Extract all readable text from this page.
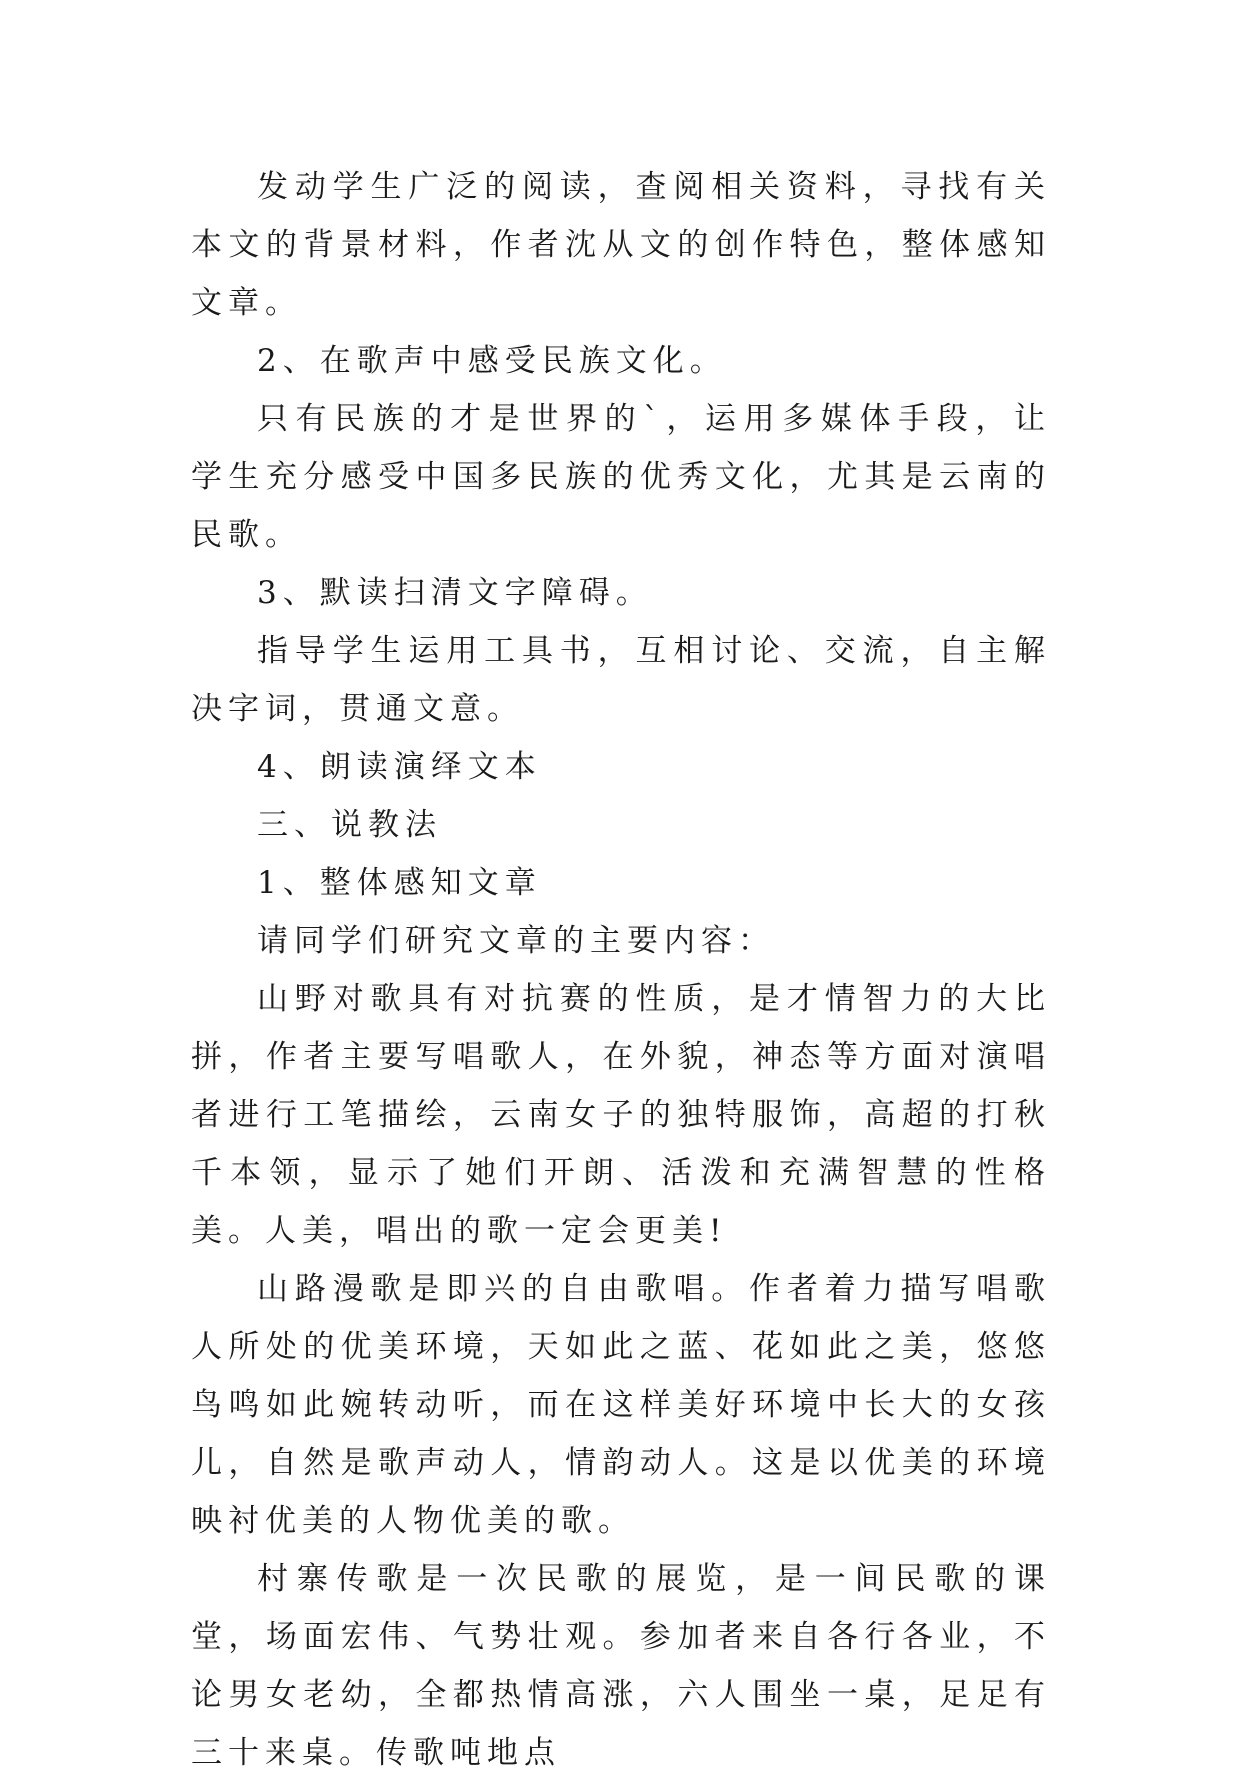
发动学生广泛的阅读，查阅相关资料，寻找有关本文的背景材料，作者沈从文的创作特色，整体感知文章。

2、在歌声中感受民族文化。

只有民族的才是世界的`，运用多媒体手段，让学生充分感受中国多民族的优秀文化，尤其是云南的民歌。

3、默读扫清文字障碍。

指导学生运用工具书，互相讨论、交流，自主解决字词，贯通文意。

4、朗读演绎文本

三、说教法

1、整体感知文章

请同学们研究文章的主要内容：

山野对歌具有对抗赛的性质，是才情智力的大比拼，作者主要写唱歌人，在外貌，神态等方面对演唱者进行工笔描绘，云南女子的独特服饰，高超的打秋千本领，显示了她们开朗、活泼和充满智慧的性格美。人美，唱出的歌一定会更美!

山路漫歌是即兴的自由歌唱。作者着力描写唱歌人所处的优美环境，天如此之蓝、花如此之美，悠悠鸟鸣如此婉转动听，而在这样美好环境中长大的女孩儿，自然是歌声动人，情韵动人。这是以优美的环境映衬优美的人物优美的歌。

村寨传歌是一次民歌的展览，是一间民歌的课堂，场面宏伟、气势壮观。参加者来自各行各业，不论男女老幼，全都热情高涨，六人围坐一桌，足足有三十来桌。传歌吨地点
